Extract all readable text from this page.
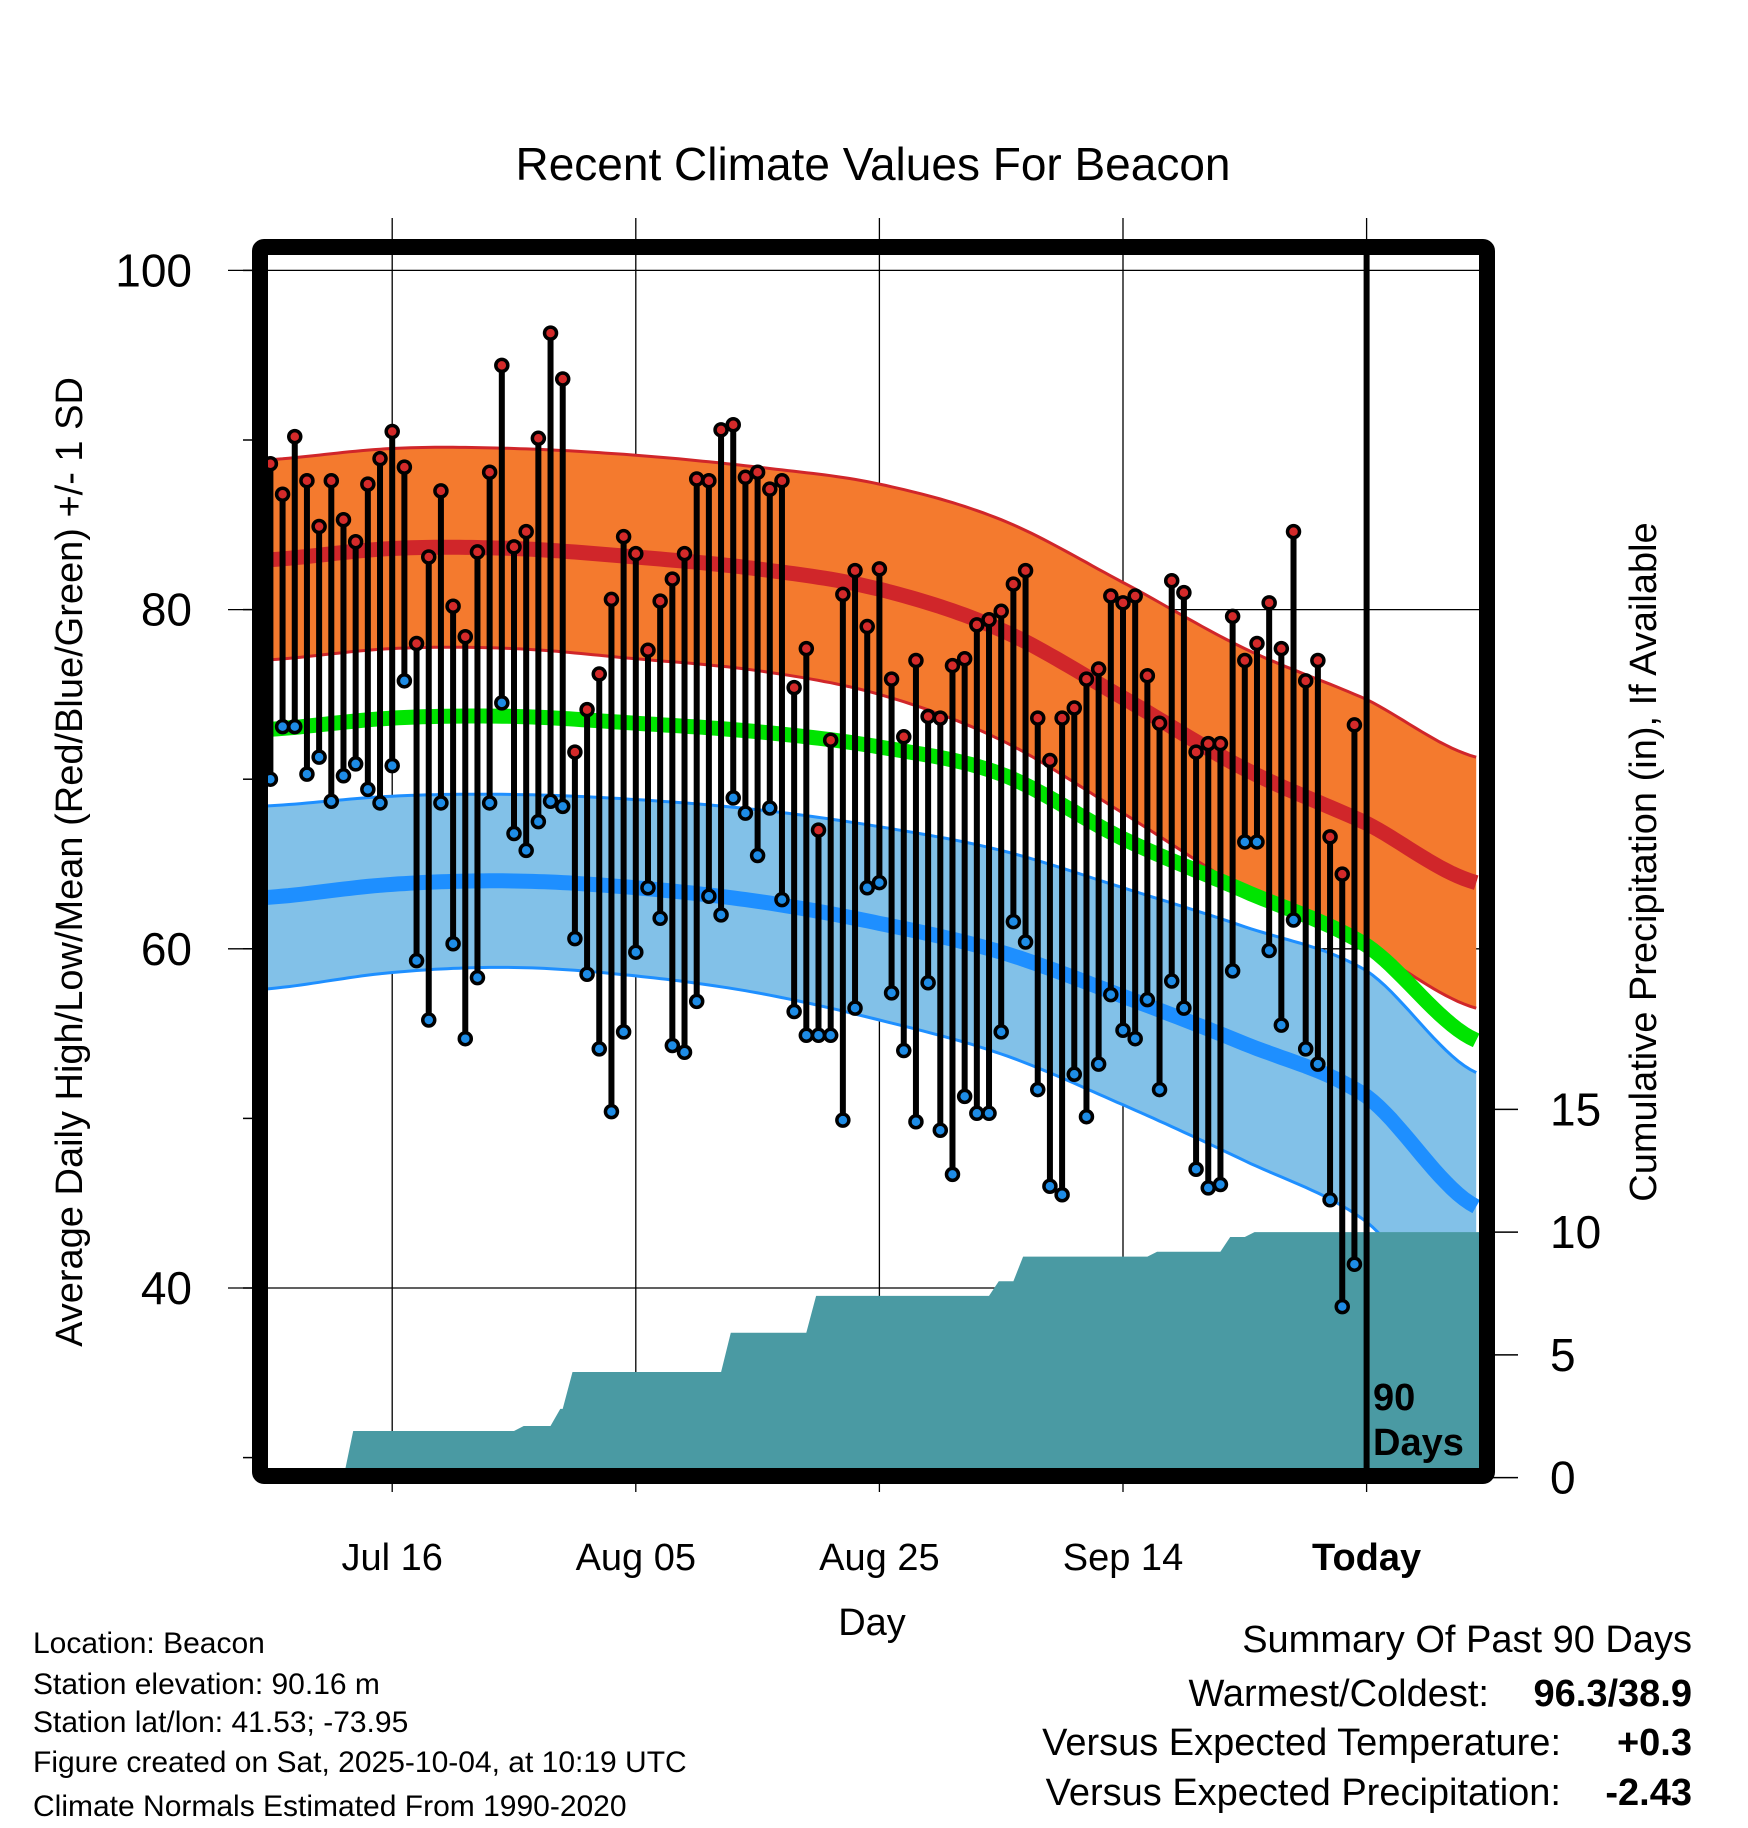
Recent Climate Values For Beacon
90
Days
100
80
60
40
0
5
10
15
Jul 16	Aug 05	Aug 25	Sep 14	Today
Day
Average Daily High/Low/Mean (Red/Blue/Green) +/- 1 SD	Cumulative Precipitation (in), If Available
Location: Beacon
Station elevation: 90.16 m
Station lat/lon: 41.53; -73.95
Figure created on Sat, 2025-10-04, at 10:19 UTC
Climate Normals Estimated From 1990-2020
Summary Of Past 90 Days
Warmest/Coldest: 96.3/38.9
Versus Expected Temperature: +0.3
Versus Expected Precipitation: -2.43
